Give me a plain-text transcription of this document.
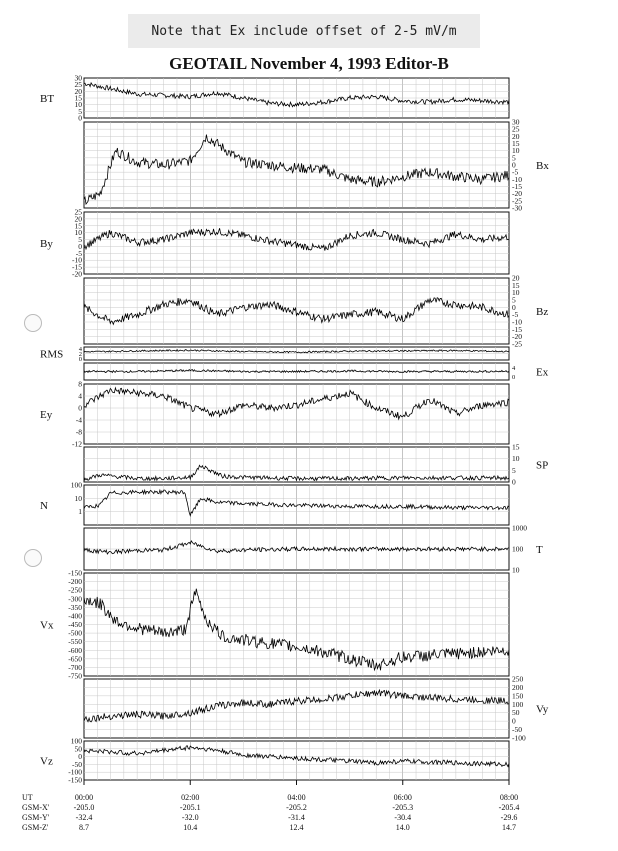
Note that Ex include offset of 2-5 mV/m
GEOTAIL November 4, 1993 Editor-B
30
25
20
15
10
5
0
BT
30
25
20
15
10
5
0
-5
-10
-15
-20
-25
-30
Bx
25
20
15
10
5
0
-5
-10
-15
-20
By
20
15
10
5
0
-5
-10
-15
-20
-25
Bz
4
2
0
RMS
4
0 Ex
8
4
0
-4
-8
-12
Ey
15
10
5
0
SP
100
10
1
N
1000
100
10
T
-150
-200
-250
-300
-350
-400
-450
-500
-550
-600
-650
-700
-750
Vx
250
200
150
100
50
0
-50
-100
Vy
100
50
0
-50
-100
-150
Vz
UT	00:00	02:00	04:00	06:00	08:00
GSM-X'	-205.0	-205.1	-205.2	-205.3	-205.4
GSM-Y'	-32.4	-32.0	-31.4	-30.4	-29.6
GSM-Z'	8.7	10.4	12.4	14.0	14.7
